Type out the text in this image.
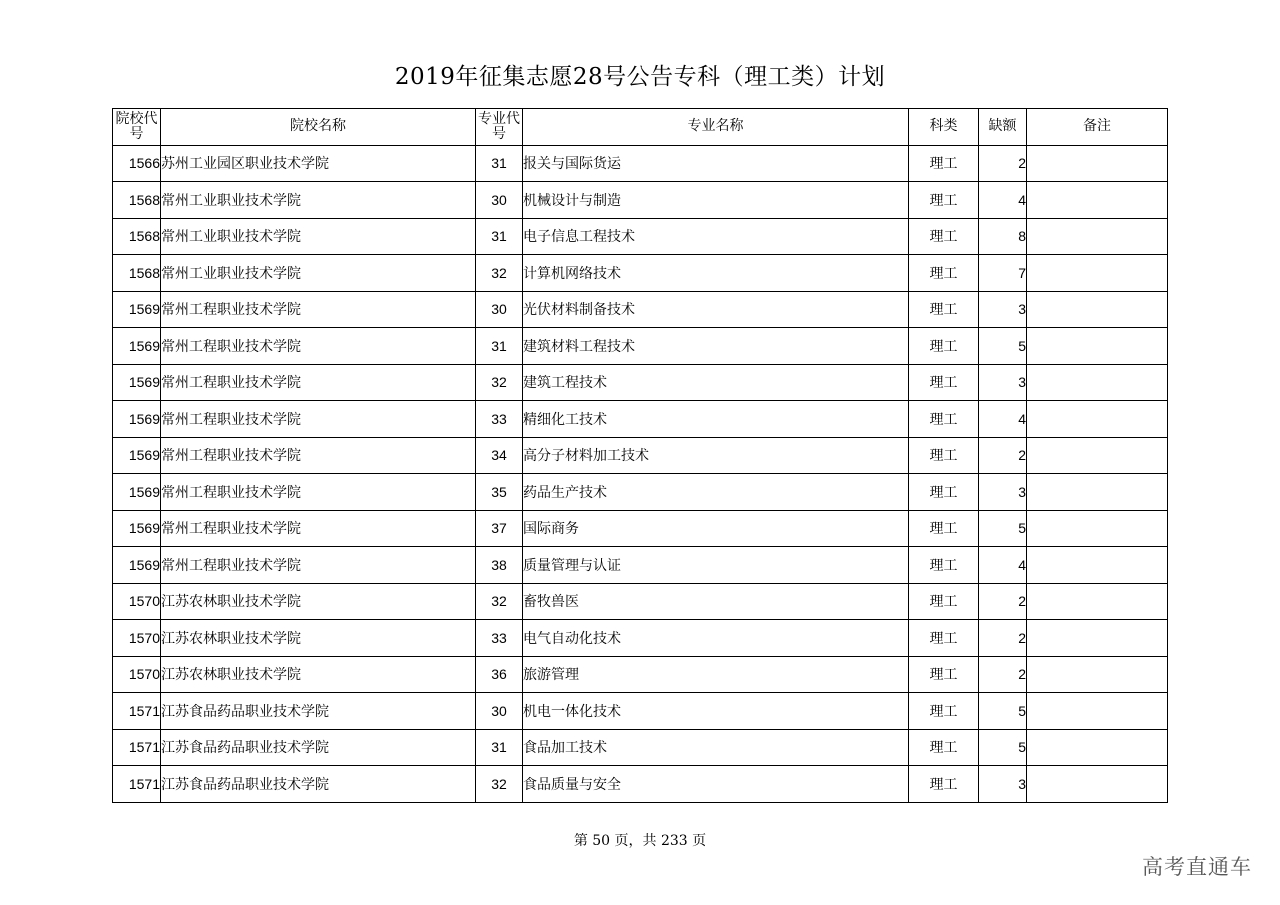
2019年征集志愿28号公告专科（理工类）计划
院校代号	院校名称	专业代号	专业名称	科类	缺额	备注
1566	苏州工业园区职业技术学院	31	报关与国际货运	理工	2	
1568	常州工业职业技术学院	30	机械设计与制造	理工	4	
1568	常州工业职业技术学院	31	电子信息工程技术	理工	8	
1568	常州工业职业技术学院	32	计算机网络技术	理工	7	
1569	常州工程职业技术学院	30	光伏材料制备技术	理工	3	
1569	常州工程职业技术学院	31	建筑材料工程技术	理工	5	
1569	常州工程职业技术学院	32	建筑工程技术	理工	3	
1569	常州工程职业技术学院	33	精细化工技术	理工	4	
1569	常州工程职业技术学院	34	高分子材料加工技术	理工	2	
1569	常州工程职业技术学院	35	药品生产技术	理工	3	
1569	常州工程职业技术学院	37	国际商务	理工	5	
1569	常州工程职业技术学院	38	质量管理与认证	理工	4	
1570	江苏农林职业技术学院	32	畜牧兽医	理工	2	
1570	江苏农林职业技术学院	33	电气自动化技术	理工	2	
1570	江苏农林职业技术学院	36	旅游管理	理工	2	
1571	江苏食品药品职业技术学院	30	机电一体化技术	理工	5	
1571	江苏食品药品职业技术学院	31	食品加工技术	理工	5	
1571	江苏食品药品职业技术学院	32	食品质量与安全	理工	3	
第 50 页，共 233 页
高考直通车
